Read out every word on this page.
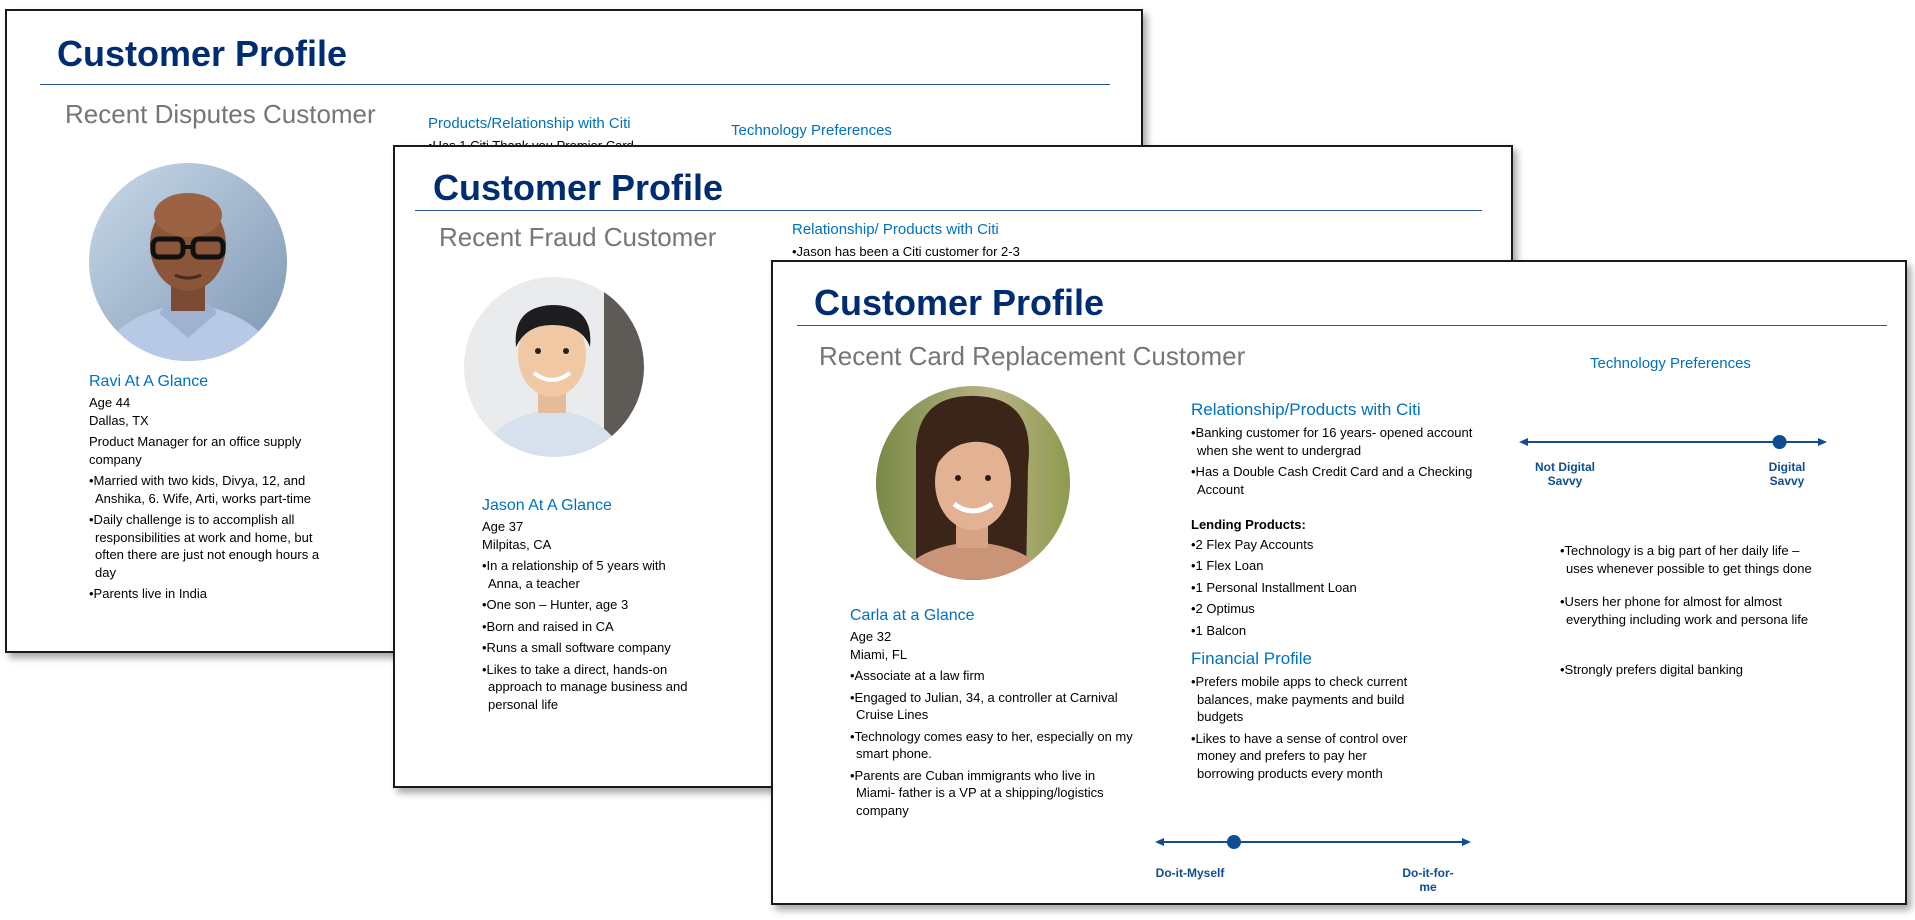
Customer Profile
Recent Disputes Customer	Products/Relationship with Citi	Technology Preferences
Ravi At A Glance

Age 44

Dallas, TX

Product Manager for an office supply company

•Married with two kids, Divya, 12, and Anshika, 6. Wife, Arti, works part-time

•Daily challenge is to accomplish all responsibilities at work and home, but often there are just not enough hours a day

•Parents live in India

Customer Profile
Recent Fraud Customer	Relationship/ Products with Citi
•Jason has been a Citi customer for 2-3
Jason At A Glance

Age 37

Milpitas, CA

•In a relationship of 5 years with Anna, a teacher

•One son – Hunter, age 3

•Born and raised in CA

•Runs a small software company

•Likes to take a direct, hands-on approach to manage business and personal life

Customer Profile
Recent Card Replacement Customer
Carla at a Glance

Age 32

Miami, FL

•Associate at a law firm

•Engaged to Julian, 34, a controller at Carnival Cruise Lines

•Technology comes easy to her, especially on my smart phone.

•Parents are Cuban immigrants who live in Miami- father is a VP at a shipping/logistics company

Relationship/Products with Citi

•Banking customer for 16 years- opened account when she went to undergrad

•Has a Double Cash Credit Card and a Checking Account

Lending Products:

•2 Flex Pay Accounts

•1 Flex Loan

•1 Personal Installment Loan

•2 Optimus

•1 Balcon

Financial Profile

•Prefers mobile apps to check current balances, make payments and build budgets

•Likes to have a sense of control over money and prefers to pay her borrowing products every month

Do-it-Myself	Do-it-for-me
Technology Preferences
Not Digital Savvy
Digital Savvy

•Technology is a big part of her daily life – uses whenever possible to get things done

•Users her phone for almost for almost everything including work and persona life

•Strongly prefers digital banking
